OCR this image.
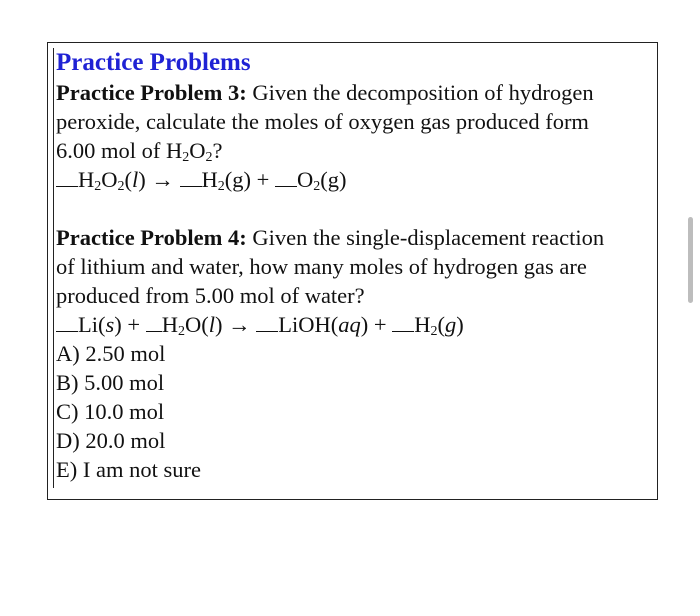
Practice Problems

Practice Problem 3: Given the decomposition of hydrogen

peroxide, calculate the moles of oxygen gas produced form

6.00 mol of $H_2O_2$?

$H_2O_2(l) \to H_2(g) + O_2(g)$

Practice Problem 4: Given the single-displacement reaction

of lithium and water, how many moles of hydrogen gas are

produced from 5.00 mol of water?

$Li(s) + H_2O(l)$ → LiOH(aq) + $H_2(g)$

A) 2.50 mol

B) 5.00 mol

C) 10.0 mol

D) 20.0 mol

E) I am not sure
